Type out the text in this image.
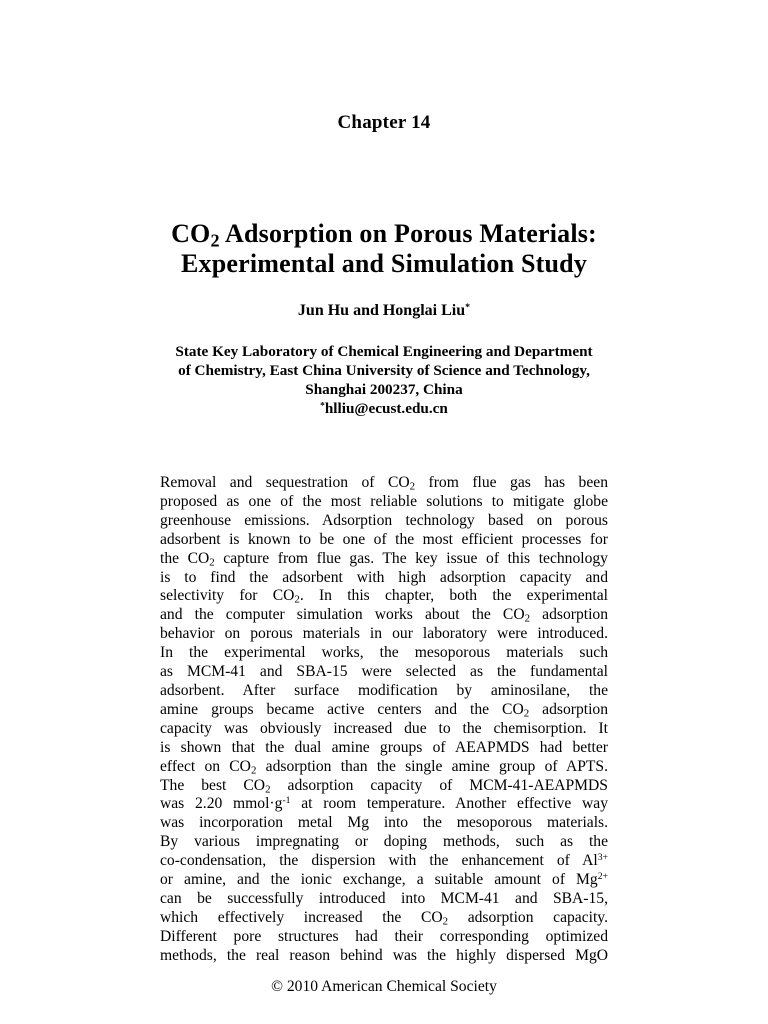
Chapter 14
$CO_2$ Adsorption on Porous Materials:
Experimental and Simulation Study
Jun Hu and Honglai Liu*
State Key Laboratory of Chemical Engineering and Department
of Chemistry, East China University of Science and Technology,
Shanghai 200237, China
*hlliu@ecust.edu.cn
Removal and sequestration of $CO_2$ from flue gas has been
proposed as one of the most reliable solutions to mitigate globe
greenhouse emissions. Adsorption technology based on porous
adsorbent is known to be one of the most efficient processes for
the $CO_2$ capture from flue gas. The key issue of this technology
is to find the adsorbent with high adsorption capacity and
selectivity for $CO_2$. In this chapter, both the experimental
and the computer simulation works about the $CO_2$ adsorption
behavior on porous materials in our laboratory were introduced.
In the experimental works, the mesoporous materials such
as MCM-41 and SBA-15 were selected as the fundamental
adsorbent. After surface modification by aminosilane, the
amine groups became active centers and the $CO_2$ adsorption
capacity was obviously increased due to the chemisorption. It
is shown that the dual amine groups of AEAPMDS had better
effect on $CO_2$ adsorption than the single amine group of APTS.
The best $CO_2$ adsorption capacity of MCM-41-AEAPMDS
was 2.20 $mmol\cdot g^{-1}$ at room temperature. Another effective way
was incorporation metal Mg into the mesoporous materials.
By various impregnating or doping methods, such as the
co-condensation, the dispersion with the enhancement of $Al^{3+}$
or amine, and the ionic exchange, a suitable amount of $Mg^{2+}$
can be successfully introduced into MCM-41 and SBA-15,
which effectively increased the $CO_2$ adsorption capacity.
Different pore structures had their corresponding optimized
methods, the real reason behind was the highly dispersed MgO
© 2010 American Chemical Society
